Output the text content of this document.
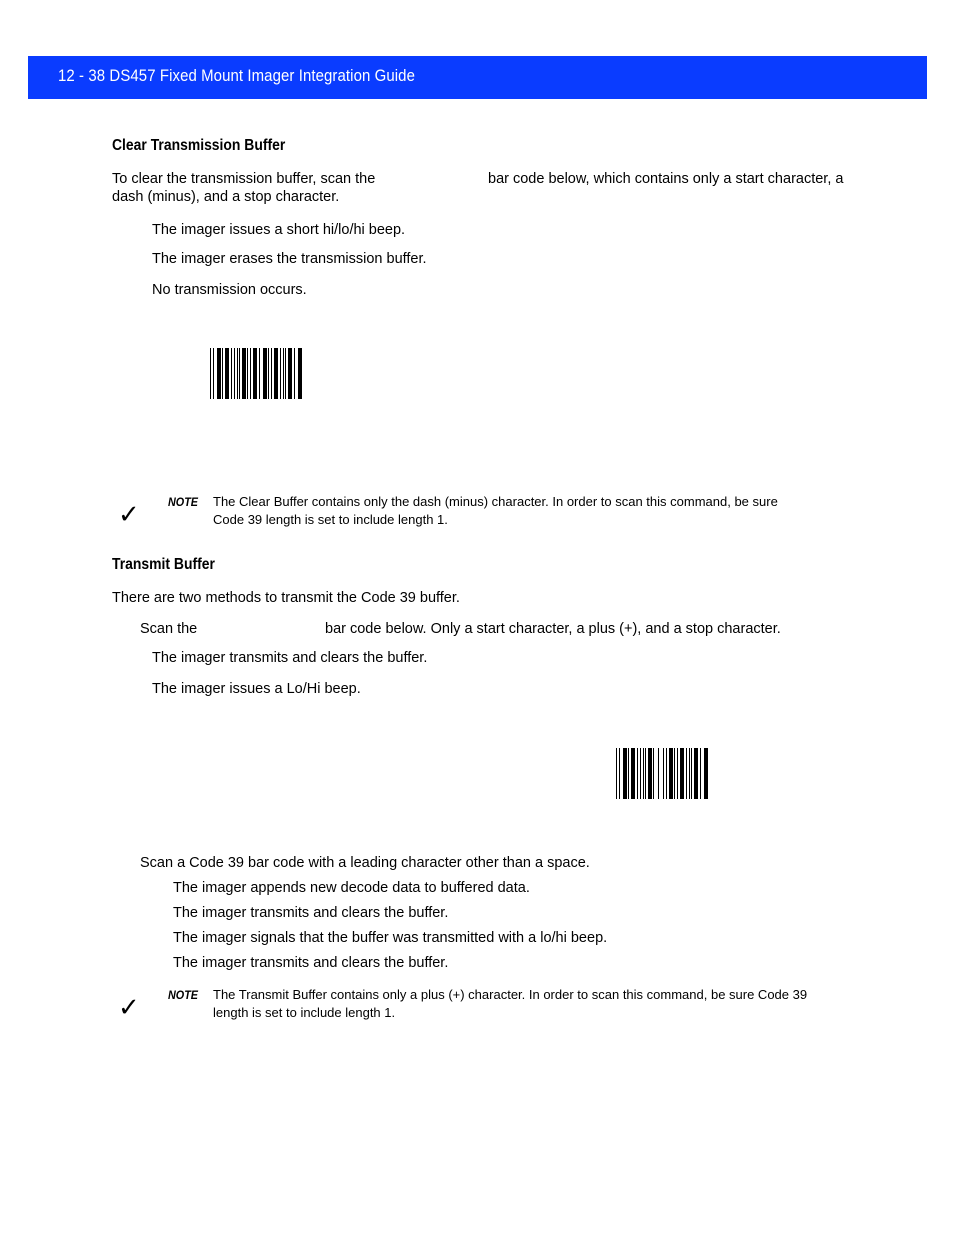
12 - 38 DS457 Fixed Mount Imager Integration Guide
Clear Transmission Buffer
To clear the transmission buffer, scan the	bar code below, which contains only a start character, a
dash (minus), and a stop character.
The imager issues a short hi/lo/hi beep.
The imager erases the transmission buffer.
No transmission occurs.
✓ NOTE The Clear Buffer contains only the dash (minus) character. In order to scan this command, be sure
Code 39 length is set to include length 1.
Transmit Buffer
There are two methods to transmit the Code 39 buffer.
Scan the	bar code below. Only a start character, a plus (+), and a stop character.
The imager transmits and clears the buffer.
The imager issues a Lo/Hi beep.
Scan a Code 39 bar code with a leading character other than a space.
The imager appends new decode data to buffered data.
The imager transmits and clears the buffer.
The imager signals that the buffer was transmitted with a lo/hi beep.
The imager transmits and clears the buffer.
✓ NOTE The Transmit Buffer contains only a plus (+) character. In order to scan this command, be sure Code 39
length is set to include length 1.
